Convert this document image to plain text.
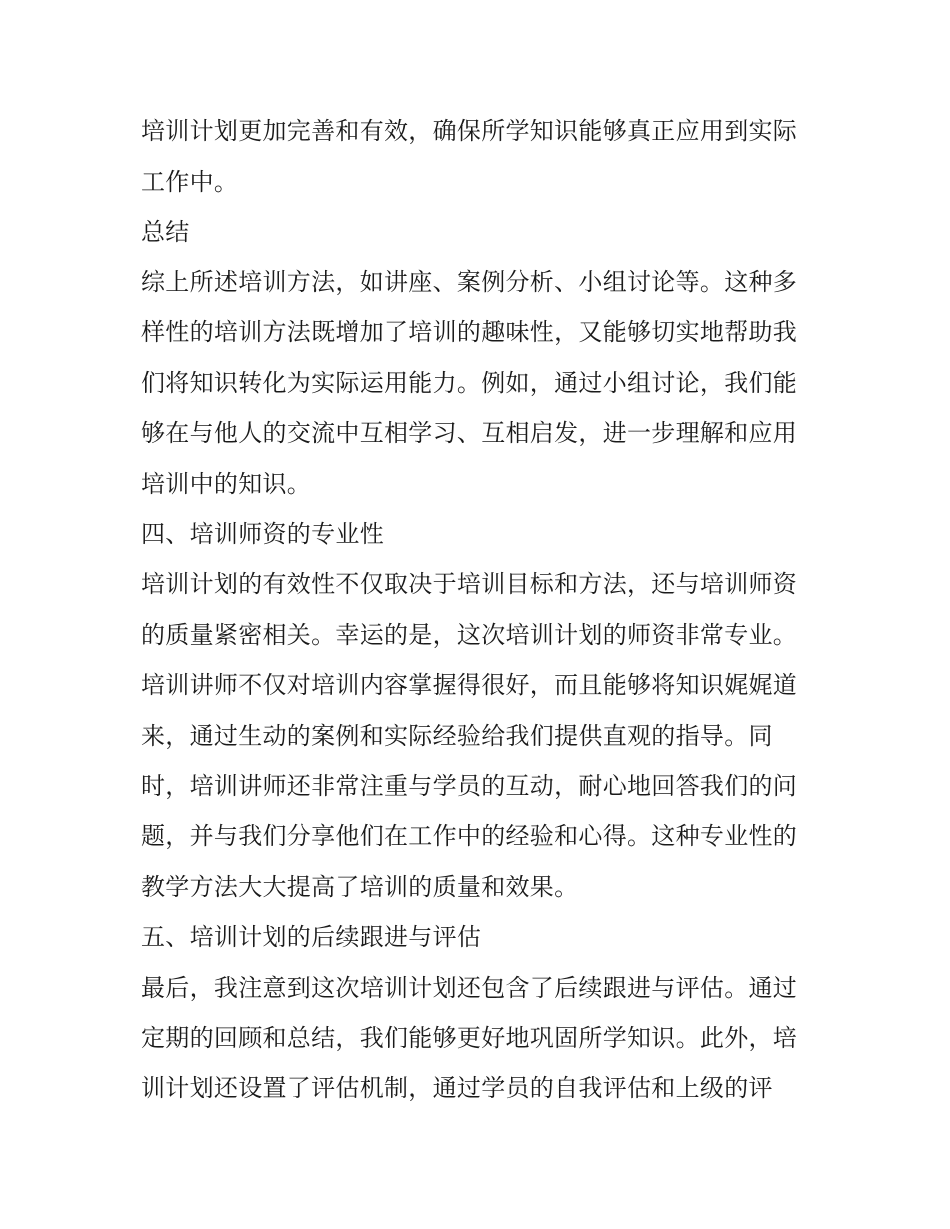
培训计划更加完善和有效，确保所学知识能够真正应用到实际

工作中。

总结

综上所述培训方法，如讲座、案例分析、小组讨论等。这种多

样性的培训方法既增加了培训的趣味性，又能够切实地帮助我

们将知识转化为实际运用能力。例如，通过小组讨论，我们能

够在与他人的交流中互相学习、互相启发，进一步理解和应用

培训中的知识。

四、培训师资的专业性

培训计划的有效性不仅取决于培训目标和方法，还与培训师资

的质量紧密相关。幸运的是，这次培训计划的师资非常专业。

培训讲师不仅对培训内容掌握得很好，而且能够将知识娓娓道

来，通过生动的案例和实际经验给我们提供直观的指导。同

时，培训讲师还非常注重与学员的互动，耐心地回答我们的问

题，并与我们分享他们在工作中的经验和心得。这种专业性的

教学方法大大提高了培训的质量和效果。

五、培训计划的后续跟进与评估

最后，我注意到这次培训计划还包含了后续跟进与评估。通过

定期的回顾和总结，我们能够更好地巩固所学知识。此外，培

训计划还设置了评估机制，通过学员的自我评估和上级的评
